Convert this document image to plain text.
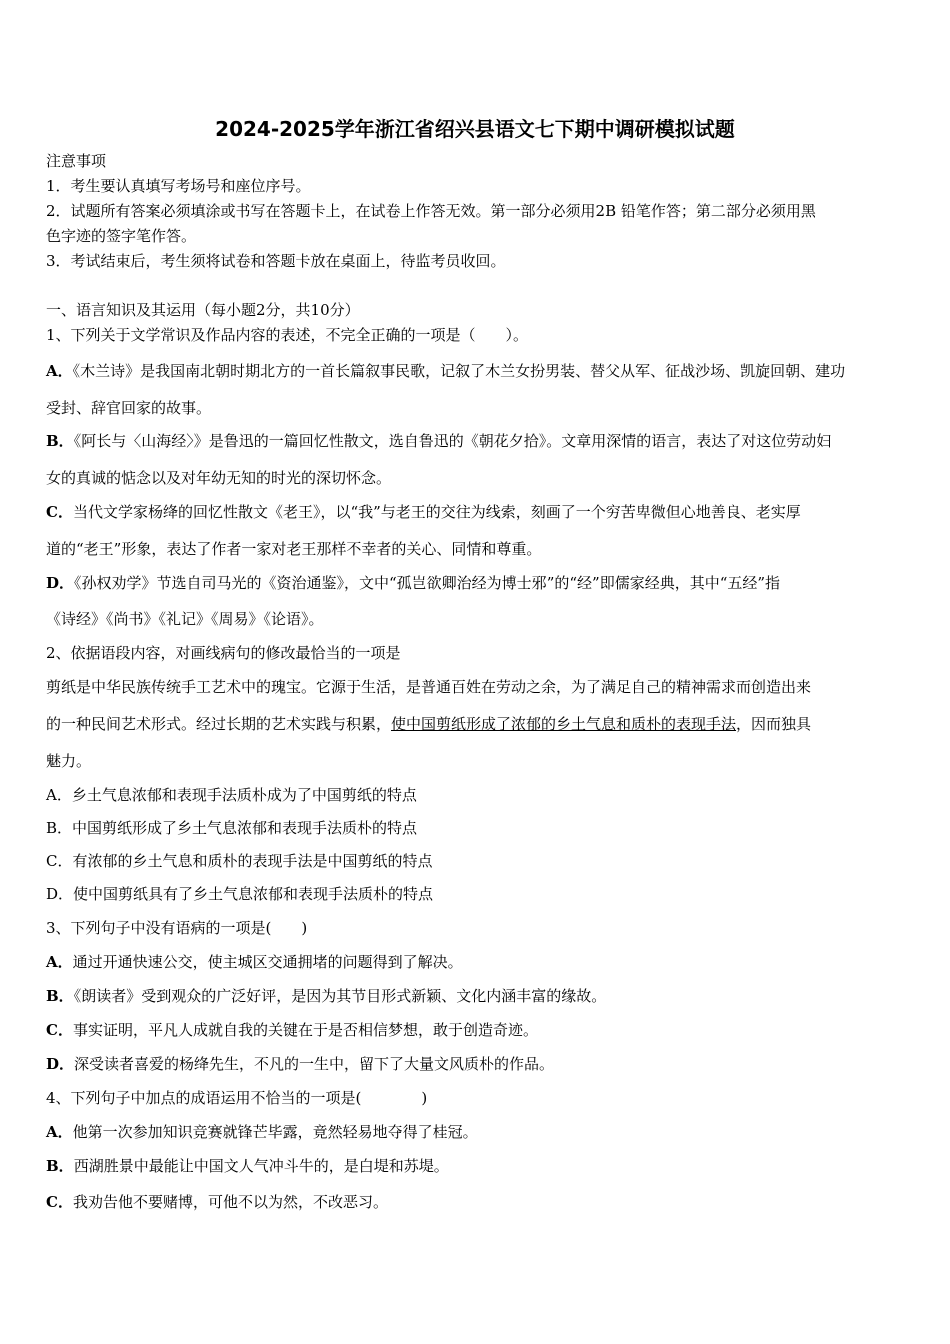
2024-2025学年浙江省绍兴县语文七下期中调研模拟试题
注意事项
1．考生要认真填写考场号和座位序号。
2．试题所有答案必须填涂或书写在答题卡上，在试卷上作答无效。第一部分必须用2B 铅笔作答；第二部分必须用黑
色字迹的签字笔作答。
3．考试结束后，考生须将试卷和答题卡放在桌面上，待监考员收回。
一、语言知识及其运用（每小题2分，共10分）
1、下列关于文学常识及作品内容的表述，不完全正确的一项是（　　）。
A．《木兰诗》是我国南北朝时期北方的一首长篇叙事民歌，记叙了木兰女扮男装、替父从军、征战沙场、凯旋回朝、建功
受封、辞官回家的故事。
B．《阿长与〈山海经〉》是鲁迅的一篇回忆性散文，选自鲁迅的《朝花夕拾》。文章用深情的语言，表达了对这位劳动妇
女的真诚的惦念以及对年幼无知的时光的深切怀念。
C．当代文学家杨绛的回忆性散文《老王》，以“我”与老王的交往为线索，刻画了一个穷苦卑微但心地善良、老实厚
道的“老王”形象，表达了作者一家对老王那样不幸者的关心、同情和尊重。
D．《孙权劝学》节选自司马光的《资治通鉴》，文中“孤岂欲卿治经为博士邪”的“经”即儒家经典，其中“五经”指
《诗经》《尚书》《礼记》《周易》《论语》。
2、依据语段内容，对画线病句的修改最恰当的一项是
剪纸是中华民族传统手工艺术中的瑰宝。它源于生活，是普通百姓在劳动之余，为了满足自己的精神需求而创造出来
的一种民间艺术形式。经过长期的艺术实践与积累，使中国剪纸形成了浓郁的乡土气息和质朴的表现手法，因而独具
魅力。
A．乡土气息浓郁和表现手法质朴成为了中国剪纸的特点
B．中国剪纸形成了乡土气息浓郁和表现手法质朴的特点
C．有浓郁的乡土气息和质朴的表现手法是中国剪纸的特点
D．使中国剪纸具有了乡土气息浓郁和表现手法质朴的特点
3、下列句子中没有语病的一项是(　　)
A．通过开通快速公交，使主城区交通拥堵的问题得到了解决。
B．《朗读者》受到观众的广泛好评，是因为其节目形式新颖、文化内涵丰富的缘故。
C．事实证明，平凡人成就自我的关键在于是否相信梦想，敢于创造奇迹。
D．深受读者喜爱的杨绛先生，不凡的一生中，留下了大量文风质朴的作品。
4、下列句子中加点的成语运用不恰当的一项是(　　　　)
A．他第一次参加知识竞赛就锋芒毕露，竟然轻易地夺得了桂冠。
B．西湖胜景中最能让中国文人气冲斗牛的，是白堤和苏堤。
C．我劝告他不要赌博，可他不以为然，不改恶习。
